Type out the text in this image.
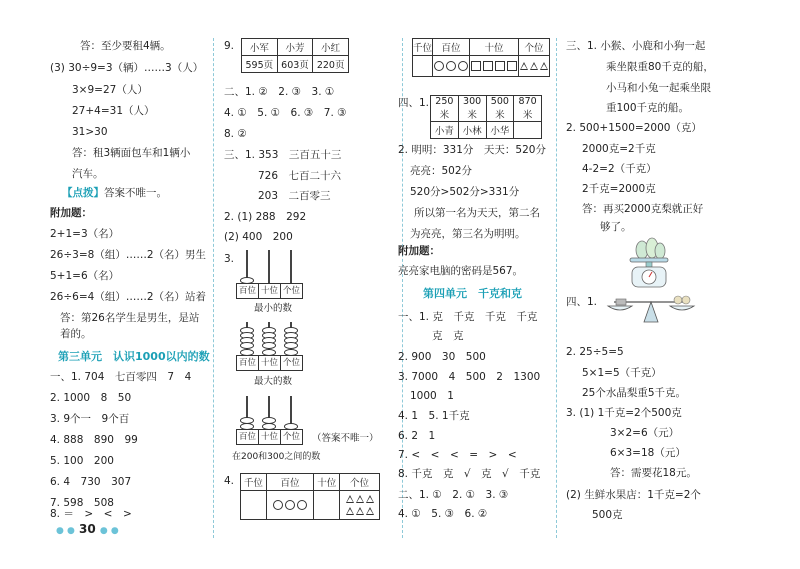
答：至少要租4辆。
(3) 30÷9=3（辆）……3（人）
3×9=27（人）
27+4=31（人）
31>30
答：租3辆面包车和1辆小
汽车。
【点拨】答案不唯一。
附加题：
2+1=3（名）
26÷3=8（组）……2（名）男生
5+1=6（名）
26÷6=4（组）……2（名）站着
答：第26名学生是男生，是站
着的。
第三单元　认识1000以内的数
一、1. 704　七百零四　7　4
2. 1000　8　50
3. 9个一　9个百
4. 888　890　99
5. 100　200
6. 4　730　307
7. 598　508
8. ＝　>　<　>
● ● 30 ● ●
9. 小军	小芳	小红
595页	603页	220页
二、1. ②　2. ③　3. ①
4. ①　5. ①　6. ③　7. ③
8. ②
三、1. 353　三百五十三
726　七百二十六
203　二百零三
2. (1) 288　292
(2) 400　200
3.
百位 十位 个位
最小的数
百位 十位 个位
最大的数
百位 十位 个位	（答案不唯一）
在200和300之间的数
4. 千位	百位	十位	个位

千位	百位	十位	个位

四、1. 250米	300米	500米	870米
小青	小林	小华	
2. 明明：331分　天天：520分
亮亮：502分
520分>502分>331分
所以第一名为天天，第二名
为亮亮，第三名为明明。
附加题：
亮亮家电脑的密码是567。
第四单元　千克和克
一、1. 克　千克　千克　千克
克　克
2. 900　30　500
3. 7000　4　500　2　1300
1000　1
4. 1　5. 1千克
6. 2　1
7. <　<　<　=　>　<
8. 千克　克　√　克　√　千克
二、1. ①　2. ①　3. ③
4. ①　5. ③　6. ②
三、1. 小猴、小鹿和小狗一起
乘坐限重80千克的船，
小马和小兔一起乘坐限
重100千克的船。
2. 500+1500=2000（克）
2000克=2千克
4-2=2（千克）
2千克=2000克
答：再买2000克梨就正好
够了。
四、1.
2. 25÷5=5
5×1=5（千克）
25个水晶梨重5千克。
3. (1) 1千克=2个500克
3×2=6（元）
6×3=18（元）
答：需要花18元。
(2) 生鲜水果店：1千克=2个
500克
